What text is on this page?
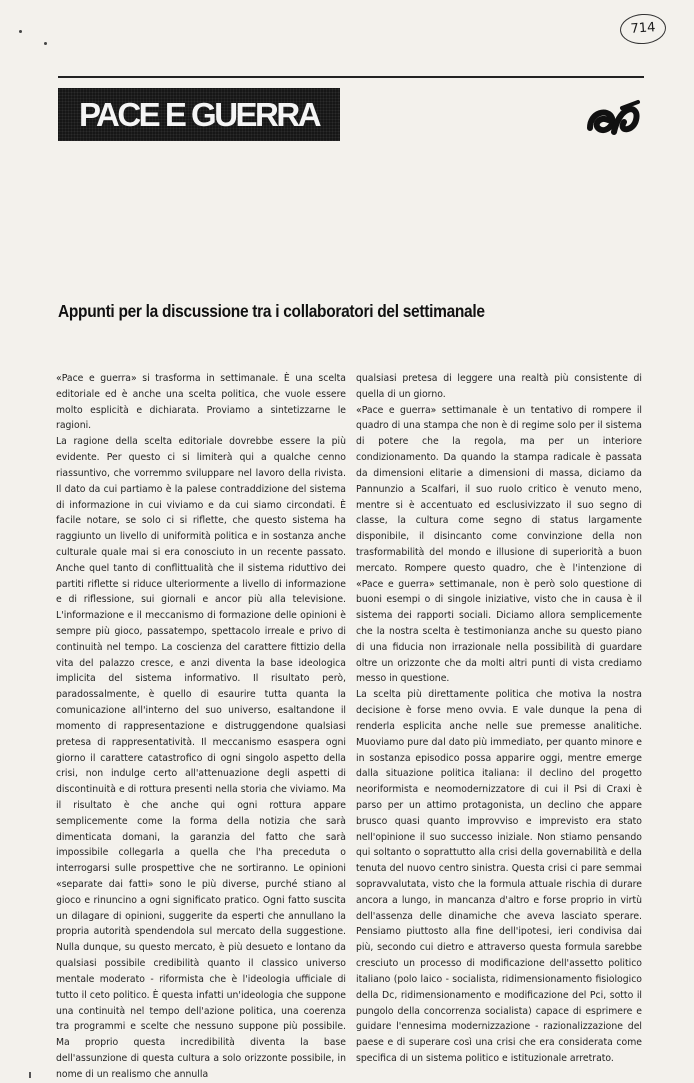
714
PACE E GUERRA
Appunti per la discussione tra i collaboratori del settimanale

«Pace e guerra» si trasforma in settimanale. È una scelta editoriale ed è anche una scelta politica, che vuole essere molto esplicità e dichiarata. Proviamo a sintetizzarne le ragioni.

La ragione della scelta editoriale dovrebbe essere la più evidente. Per questo ci si limiterà qui a qualche cenno riassuntivo, che vorremmo sviluppare nel lavoro della rivista. Il dato da cui partiamo è la palese contraddizione del sistema di informazione in cui viviamo e da cui siamo circondati. È facile notare, se solo ci si riflette, che questo sistema ha raggiunto un livello di uniformità politica e in sostanza anche culturale quale mai si era conosciuto in un recente passato. Anche quel tanto di conflittualità che il sistema riduttivo dei partiti riflette si riduce ulteriormente a livello di informazione e di riflessione, sui giornali e ancor più alla televisione. L'informazione e il meccanismo di formazione delle opinioni è sempre più gioco, passatempo, spettacolo irreale e privo di continuità nel tempo. La coscienza del carattere fittizio della vita del palazzo cresce, e anzi diventa la base ideologica implicita del sistema informativo. Il risultato però, paradossalmente, è quello di esaurire tutta quanta la comunicazione all'interno del suo universo, esaltandone il momento di rappresentazione e distruggendone qualsiasi pretesa di rappresentatività. Il meccanismo esaspera ogni giorno il carattere catastrofico di ogni singolo aspetto della crisi, non indulge certo all'attenuazione degli aspetti di discontinuità e di rottura presenti nella storia che viviamo. Ma il risultato è che anche qui ogni rottura appare semplicemente come la forma della notizia che sarà dimenticata domani, la garanzia del fatto che sarà impossibile collegarla a quella che l'ha preceduta o interrogarsi sulle prospettive che ne sortiranno. Le opinioni «separate dai fatti» sono le più diverse, purché stiano al gioco e rinuncino a ogni significato pratico. Ogni fatto suscita un dilagare di opinioni, suggerite da esperti che annullano la propria autorità spendendola sul mercato della suggestione. Nulla dunque, su questo mercato, è più desueto e lontano da qualsiasi possibile credibilità quanto il classico universo mentale moderato - riformista che è l'ideologia ufficiale di tutto il ceto politico. È questa infatti un'ideologia che suppone una continuità nel tempo dell'azione politica, una coerenza tra programmi e scelte che nessuno suppone più possibile. Ma proprio questa incredibilità diventa la base dell'assunzione di questa cultura a solo orizzonte possibile, in nome di un realismo che annulla

qualsiasi pretesa di leggere una realtà più consistente di quella di un giorno.

«Pace e guerra» settimanale è un tentativo di rompere il quadro di una stampa che non è di regime solo per il sistema di potere che la regola, ma per un interiore condizionamento. Da quando la stampa radicale è passata da dimensioni elitarie a dimensioni di massa, diciamo da Pannunzio a Scalfari, il suo ruolo critico è venuto meno, mentre si è accentuato ed esclusivizzato il suo segno di classe, la cultura come segno di status largamente disponibile, il disincanto come convinzione della non trasformabilità del mondo e illusione di superiorità a buon mercato. Rompere questo quadro, che è l'intenzione di «Pace e guerra» settimanale, non è però solo questione di buoni esempi o di singole iniziative, visto che in causa è il sistema dei rapporti sociali. Diciamo allora semplicemente che la nostra scelta è testimonianza anche su questo piano di una fiducia non irrazionale nella possibilità di guardare oltre un orizzonte che da molti altri punti di vista crediamo messo in questione.

La scelta più direttamente politica che motiva la nostra decisione è forse meno ovvia. E vale dunque la pena di renderla esplicita anche nelle sue premesse analitiche. Muoviamo pure dal dato più immediato, per quanto minore e in sostanza episodico possa apparire oggi, mentre emerge dalla situazione politica italiana: il declino del progetto neoriformista e neomodernizzatore di cui il Psi di Craxi è parso per un attimo protagonista, un declino che appare brusco quasi quanto improvviso e imprevisto era stato nell'opinione il suo successo iniziale. Non stiamo pensando qui soltanto o soprattutto alla crisi della governabilità e della tenuta del nuovo centro sinistra. Questa crisi ci pare semmai sopravvalutata, visto che la formula attuale rischia di durare ancora a lungo, in mancanza d'altro e forse proprio in virtù dell'assenza delle dinamiche che aveva lasciato sperare. Pensiamo piuttosto alla fine dell'ipotesi, ieri condivisa dai più, secondo cui dietro e attraverso questa formula sarebbe cresciuto un processo di modificazione dell'assetto politico italiano (polo laico - socialista, ridimensionamento fisiologico della Dc, ridimensionamento e modificazione del Pci, sotto il pungolo della concorrenza socialista) capace di esprimere e guidare l'ennesima modernizzazione - razionalizzazione del paese e di superare così una crisi che era considerata come specifica di un sistema politico e istituzionale arretrato.
